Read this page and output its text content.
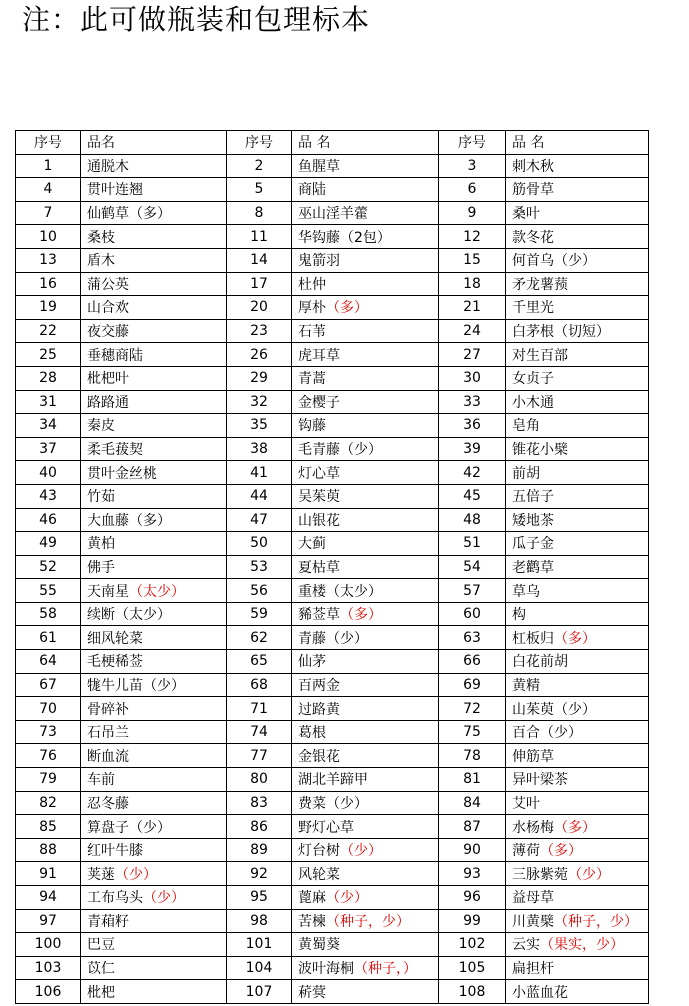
注：此可做瓶装和包理标本
序号	品名	序号	品 名	序号	品 名
1	通脱木	2	鱼腥草	3	刺木秋
4	贯叶连翘	5	商陆	6	筋骨草
7	仙鹤草（多）	8	巫山淫羊藿	9	桑叶
10	桑枝	11	华钩藤（2包）	12	款冬花
13	盾木	14	鬼箭羽	15	何首乌（少）
16	蒲公英	17	杜仲	18	矛龙薯蓣
19	山合欢	20	厚朴（多）	21	千里光
22	夜交藤	23	石苇	24	白茅根（切短）
25	垂穗商陆	26	虎耳草	27	对生百部
28	枇杷叶	29	青蒿	30	女贞子
31	路路通	32	金樱子	33	小木通
34	秦皮	35	钩藤	36	皂角
37	柔毛菝契	38	毛青藤（少）	39	锥花小檗
40	贯叶金丝桃	41	灯心草	42	前胡
43	竹茹	44	吴茱萸	45	五倍子
46	大血藤（多）	47	山银花	48	矮地茶
49	黄柏	50	大蓟	51	瓜子金
52	佛手	53	夏枯草	54	老鹳草
55	天南星（太少）	56	重楼（太少）	57	草乌
58	续断（太少）	59	豨莶草（多）	60	构
61	细风轮菜	62	青藤（少）	63	杠板归（多）
64	毛梗稀莶	65	仙茅	66	白花前胡
67	牻牛儿苗（少）	68	百两金	69	黄精
70	骨碎补	71	过路黄	72	山茱萸（少）
73	石吊兰	74	葛根	75	百合（少）
76	断血流	77	金银花	78	伸筋草
79	车前	80	湖北羊蹄甲	81	异叶梁茶
82	忍冬藤	83	费菜（少）	84	艾叶
85	算盘子（少）	86	野灯心草	87	水杨梅（多）
88	红叶牛膝	89	灯台树（少）	90	薄荷（多）
91	荚蒾（少）	92	风轮菜	93	三脉紫菀（少）
94	工布乌头（少）	95	蓖麻（少）	96	益母草
97	青葙籽	98	苦楝（种子，少）	99	川黄檗（种子，少）
100	巴豆	101	黄蜀葵	102	云实（果实，少）
103	苡仁	104	波叶海桐（种子，）	105	扁担杆
106	枇杷	107	菥蓂	108	小蓝血花
